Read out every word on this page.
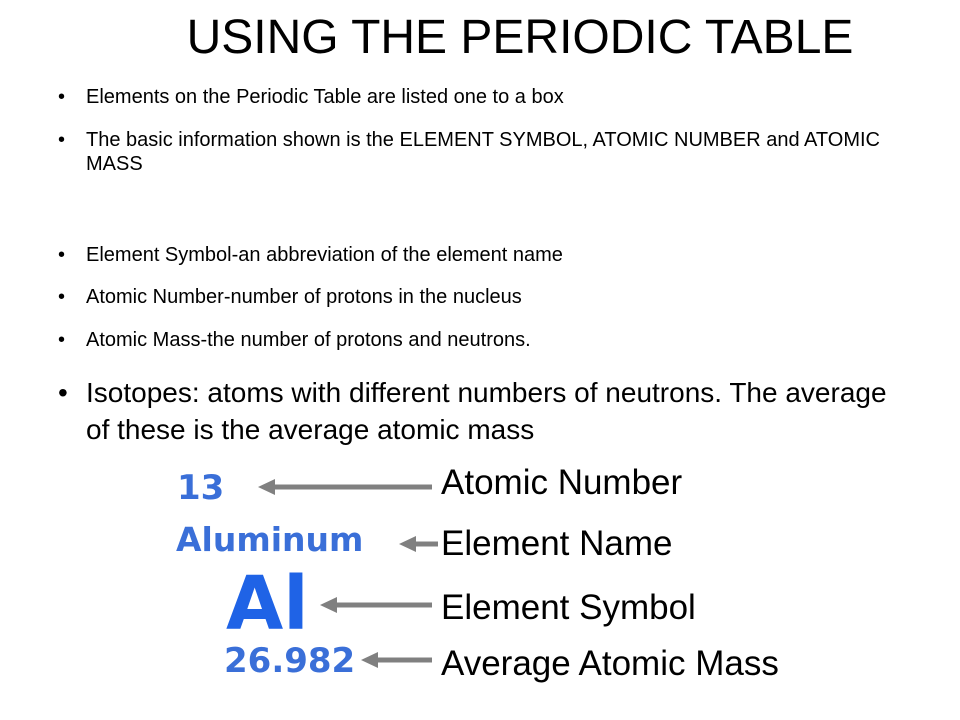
USING THE PERIODIC TABLE
• Elements on the Periodic Table are listed one to a box
• The basic information shown is the ELEMENT SYMBOL, ATOMIC NUMBER and ATOMIC MASS
• Element Symbol-an abbreviation of the element name
• Atomic Number-number of protons in the nucleus
• Atomic Mass-the number of protons and neutrons.
• Isotopes: atoms with different numbers of neutrons. The average of these is the average atomic mass
Aluminum
13
Al
26.982
Atomic Number
Element Name
Element Symbol
Average Atomic Mass
